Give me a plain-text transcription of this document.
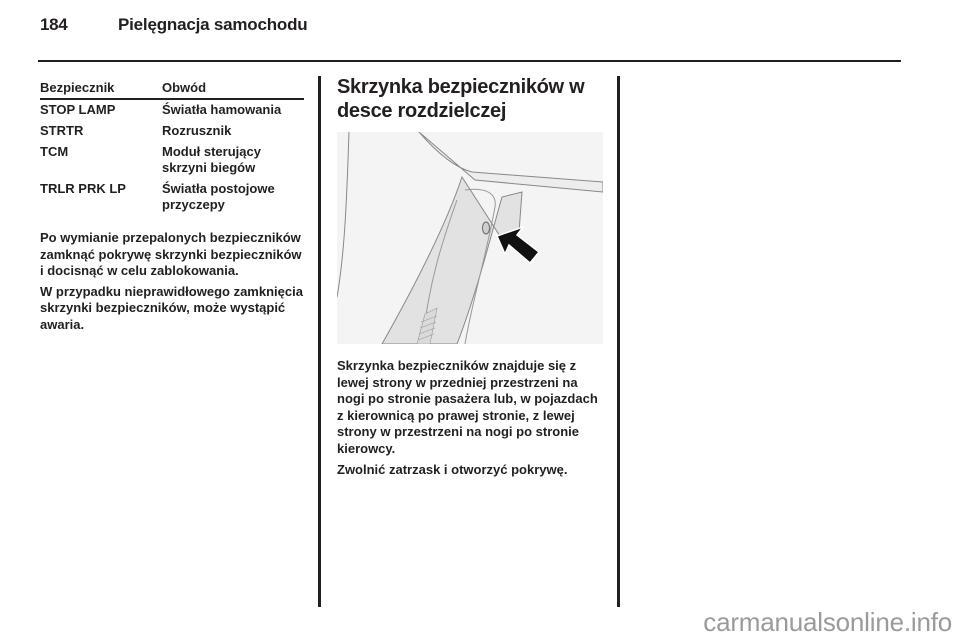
184	Pielęgnacja samochodu
Bezpiecznik	Obwód
STOP LAMP	Światła hamowania
STRTR	Rozrusznik
TCM	Moduł sterujący skrzyni biegów
TRLR PRK LP	Światła postojowe przyczepy

Po wymianie przepalonych bezpieczników zamknąć pokrywę skrzynki bezpieczników i docisnąć w celu zablokowania.

W przypadku nieprawidłowego zamknięcia skrzynki bezpieczników, może wystąpić awaria.

Skrzynka bezpieczników w desce rozdzielczej

Skrzynka bezpieczników znajduje się z lewej strony w przedniej przestrzeni na nogi po stronie pasażera lub, w pojazdach z kierownicą po prawej stronie, z lewej strony w przestrzeni na nogi po stronie kierowcy.

Zwolnić zatrzask i otworzyć pokrywę.

carmanualsonline.info
